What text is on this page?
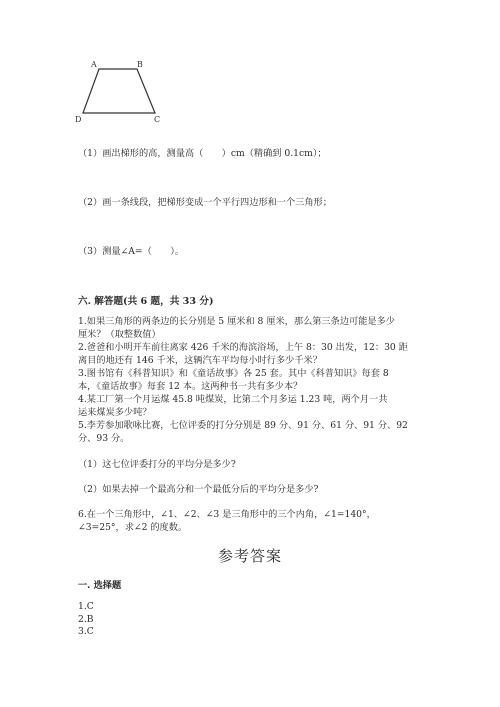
A	B
D	C
（1）画出梯形的高，测量高（　　）cm（精确到 0.1cm）；
（2）画一条线段，把梯形变成一个平行四边形和一个三角形；
（3）测量∠A=（　　）。
六. 解答题(共 6 题，共 33 分)
1.如果三角形的两条边的长分别是 5 厘米和 8 厘米，那么第三条边可能是多少
厘米？（取整数值）
2.爸爸和小明开车前往离家 426 千米的海滨浴场，上午 8：30 出发，12：30 距
离目的地还有 146 千米，这辆汽车平均每小时行多少千米？
3.图书馆有《科普知识》和《童话故事》各 25 套。其中《科普知识》每套 8
本，《童话故事》每套 12 本。这两种书一共有多少本？
4.某工厂第一个月运煤 45.8 吨煤炭，比第二个月多运 1.23 吨，两个月一共
运来煤炭多少吨？
5.李芳参加歌咏比赛，七位评委的打分分别是 89 分、91 分、61 分、91 分、92
分、93 分。
（1）这七位评委打分的平均分是多少?
（2）如果去掉一个最高分和一个最低分后的平均分是多少?
6.在一个三角形中，∠1、∠2、∠3 是三角形中的三个内角，∠1=140°，
∠3=25°，求∠2 的度数。
参考答案
一. 选择题
1.C
2.B
3.C
